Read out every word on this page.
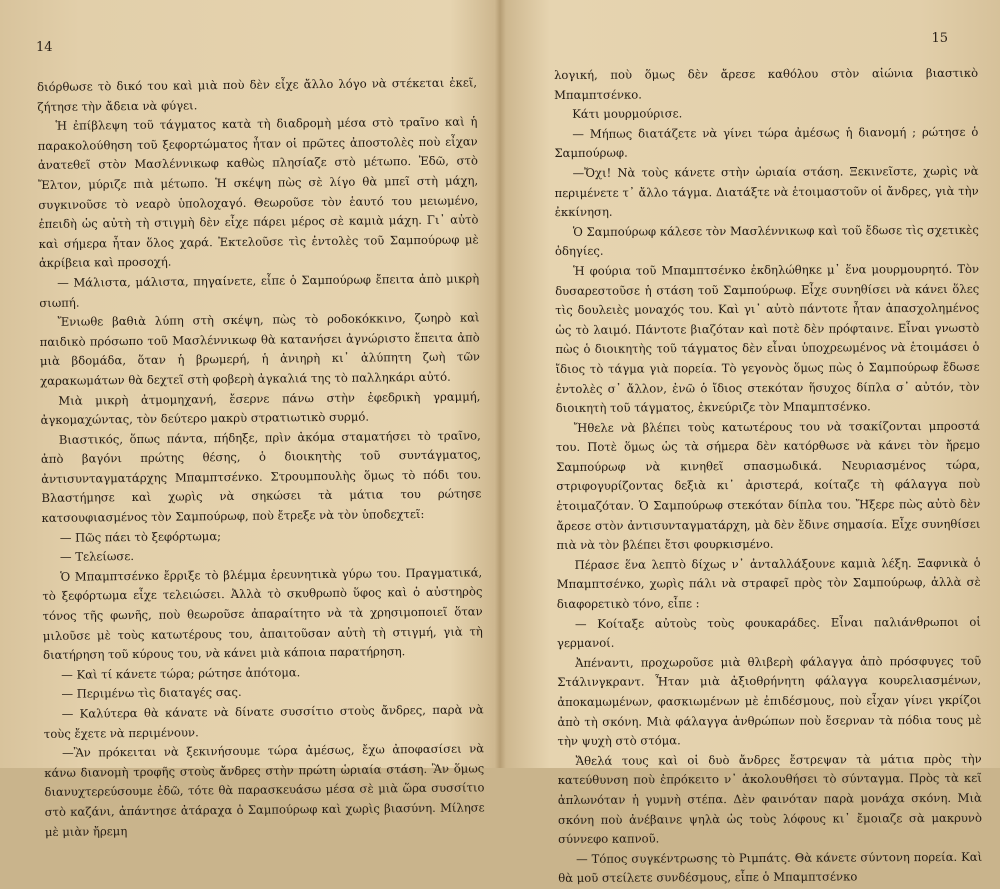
14

διόρθωσε τὸ δικό του καὶ μιὰ ποὺ δὲν εἶχε ἄλλο λόγο νὰ στέκεται ἐκεῖ, ζήτησε τὴν ἄδεια νὰ φύγει.

Ἡ ἐπίβλεψη τοῦ τάγματος κατὰ τὴ διαδρομὴ μέσα στὸ τραῖνο καὶ ἡ παρακολούθηση τοῦ ξεφορτώματος ἦταν οἱ πρῶτες ἀποστολὲς ποὺ εἶχαν ἀνατεθεῖ στὸν Μασλέννικωφ καθὼς πλησίαζε στὸ μέτωπο. Ἐδῶ, στὸ Ἔλτον, μύριζε πιὰ μέτωπο. Ἡ σκέψη πὼς σὲ λίγο θὰ μπεῖ στὴ μάχη, συγκινοῦσε τὸ νεαρὸ ὑπολοχαγό. Θεωροῦσε τὸν ἑαυτό του μειωμένο, ἐπειδὴ ὡς αὐτὴ τὴ στιγμὴ δὲν εἶχε πάρει μέρος σὲ καμιὰ μάχη. Γι᾿ αὐτὸ καὶ σήμερα ἦταν ὅλος χαρά. Ἐκτελοῦσε τὶς ἐντολὲς τοῦ Σαμπούρωφ μὲ ἀκρίβεια καὶ προσοχή.

— Μάλιστα, μάλιστα, πηγαίνετε, εἶπε ὁ Σαμπούρωφ ἔπειτα ἀπὸ μικρὴ σιωπή.

Ἔνιωθε βαθιὰ λύπη στὴ σκέψη, πὼς τὸ ροδοκόκκινο, ζωηρὸ καὶ παιδικὸ πρόσωπο τοῦ Μασλέννικωφ θὰ κατανήσει ἀγνώριστο ἔπειτα ἀπὸ μιὰ βδομάδα, ὅταν ἡ βρωμερή, ἡ ἀνιηρὴ κι᾿ ἀλύπητη ζωὴ τῶν χαρακωμάτων θὰ δεχτεῖ στὴ φοβερὴ ἀγκαλιά της τὸ παλληκάρι αὐτό.

Μιὰ μικρὴ ἀτμομηχανή, ἔσερνε πάνω στὴν ἐφεδρικὴ γραμμή, ἀγκομαχώντας, τὸν δεύτερο μακρὺ στρατιωτικὸ συρμό.

Βιαστικός, ὅπως πάντα, πήδηξε, πρὶν ἀκόμα σταματήσει τὸ τραῖνο, ἀπὸ βαγόνι πρώτης θέσης, ὁ διοικητὴς τοῦ συντάγματος, ἀντισυνταγματάρχης Μπαμπτσένκο. Στρουμπουλὴς ὅμως τὸ πόδι του. Βλαστήμησε καὶ χωρὶς νὰ σηκώσει τὰ μάτια του ρώτησε κατσουφιασμένος τὸν Σαμπούρωφ, ποὺ ἔτρεξε νὰ τὸν ὑποδεχτεῖ:

— Πῶς πάει τὸ ξεφόρτωμα;

— Τελείωσε.

Ὁ Μπαμπτσένκο ἔρριξε τὸ βλέμμα ἐρευνητικὰ γύρω του. Πραγματικά, τὸ ξεφόρτωμα εἶχε τελειώσει. Ἀλλὰ τὸ σκυθρωπὸ ὕφος καὶ ὁ αὐστηρὸς τόνος τῆς φωνῆς, ποὺ θεωροῦσε ἀπαραίτητο νὰ τὰ χρησιμοποιεῖ ὅταν μιλοῦσε μὲ τοὺς κατωτέρους του, ἀπαιτοῦσαν αὐτὴ τὴ στιγμή, γιὰ τὴ διατήρηση τοῦ κύρους του, νὰ κάνει μιὰ κάποια παρατήρηση.

— Καὶ τί κάνετε τώρα; ρώτησε ἀπότομα.

— Περιμένω τὶς διαταγές σας.

— Καλύτερα θὰ κάνατε νὰ δίνατε συσσίτιο στοὺς ἄνδρες, παρὰ νὰ τοὺς ἔχετε νὰ περιμένουν.

—Ἂν πρόκειται νὰ ξεκινήσουμε τώρα ἀμέσως, ἔχω ἀποφασίσει νὰ κάνω διανομὴ τροφῆς στοὺς ἄνδρες στὴν πρώτη ὡριαία στάση. Ἂν ὅμως διανυχτερεύσουμε ἐδῶ, τότε θὰ παρασκευάσω μέσα σὲ μιὰ ὥρα συσσίτιο στὸ καζάνι, ἀπάντησε ἀτάραχα ὁ Σαμπούρωφ καὶ χωρὶς βιασύνη. Μίλησε μὲ μιὰν ἤρεμη

15

λογική, ποὺ ὅμως δὲν ἄρεσε καθόλου στὸν αἰώνια βιαστικὸ Μπαμπτσένκο.

Κάτι μουρμούρισε.

— Μήπως διατάζετε νὰ γίνει τώρα ἀμέσως ἡ διανομή ; ρώτησε ὁ Σαμπούρωφ.

—Ὄχι! Νὰ τοὺς κάνετε στὴν ὡριαία στάση. Ξεκινεῖστε, χωρὶς νὰ περιμένετε τ᾿ ἄλλο τάγμα. Διατάξτε νὰ ἑτοιμαστοῦν οἱ ἄνδρες, γιὰ τὴν ἐκκίνηση.

Ὁ Σαμπούρωφ κάλεσε τὸν Μασλέννικωφ καὶ τοῦ ἔδωσε τὶς σχετικὲς ὁδηγίες.

Ἡ φούρια τοῦ Μπαμπτσένκο ἐκδηλώθηκε μ᾿ ἕνα μουρμουρητό. Τὸν δυσαρεστοῦσε ἡ στάση τοῦ Σαμπούρωφ. Εἶχε συνηθίσει νὰ κάνει ὅλες τὶς δουλειὲς μοναχός του. Καὶ γι᾿ αὐτὸ πάντοτε ἦταν ἀπασχολημένος ὡς τὸ λαιμό. Πάντοτε βιαζόταν καὶ ποτὲ δὲν πρόφταινε. Εἶναι γνωστὸ πὼς ὁ διοικητὴς τοῦ τάγματος δὲν εἶναι ὑποχρεωμένος νὰ ἑτοιμάσει ὁ ἴδιος τὸ τάγμα γιὰ πορεία. Τὸ γεγονὸς ὅμως πὼς ὁ Σαμπούρωφ ἔδωσε ἐντολὲς σ᾿ ἄλλον, ἐνῶ ὁ ἴδιος στεκόταν ἥσυχος δίπλα σ᾿ αὐτόν, τὸν διοικητὴ τοῦ τάγματος, ἐκνεύριζε τὸν Μπαμπτσένκο.

Ἤθελε νὰ βλέπει τοὺς κατωτέρους του νὰ τσακίζονται μπροστά του. Ποτὲ ὅμως ὡς τὰ σήμερα δὲν κατόρθωσε νὰ κάνει τὸν ἤρεμο Σαμπούρωφ νὰ κινηθεῖ σπασμωδικά. Νευριασμένος τώρα, στριφογυρίζοντας δεξιὰ κι᾿ ἀριστερά, κοίταζε τὴ φάλαγγα ποὺ ἑτοιμαζόταν. Ὁ Σαμπούρωφ στεκόταν δίπλα του. Ἤξερε πὼς αὐτὸ δὲν ἄρεσε στὸν ἀντισυνταγματάρχη, μὰ δὲν ἔδινε σημασία. Εἶχε συνηθίσει πιὰ νὰ τὸν βλέπει ἔτσι φουρκισμένο.

Πέρασε ἕνα λεπτὸ δίχως ν᾿ ἀνταλλάξουνε καμιὰ λέξη. Ξαφνικὰ ὁ Μπαμπτσένκο, χωρὶς πάλι νὰ στραφεῖ πρὸς τὸν Σαμπούρωφ, ἀλλὰ σὲ διαφορετικὸ τόνο, εἶπε :

— Κοίταξε αὐτοὺς τοὺς φουκαράδες. Εἶναι παλιάνθρωποι οἱ γερμανοί.

Ἀπέναντι, προχωροῦσε μιὰ θλιβερὴ φάλαγγα ἀπὸ πρόσφυγες τοῦ Στάλινγκραντ. Ἦταν μιὰ ἀξιοθρήνητη φάλαγγα κουρελιασμένων, ἀποκαμωμένων, φασκιωμένων μὲ ἐπιδέσμους, ποὺ εἶχαν γίνει γκρίζοι ἀπὸ τὴ σκόνη. Μιὰ φάλαγγα ἀνθρώπων ποὺ ἔσερναν τὰ πόδια τους μὲ τὴν ψυχὴ στὸ στόμα.

Ἄθελά τους καὶ οἱ δυὸ ἄνδρες ἔστρεψαν τὰ μάτια πρὸς τὴν κατεύθυνση ποὺ ἐπρόκειτο ν᾿ ἀκολουθήσει τὸ σύνταγμα. Πρὸς τὰ κεῖ ἁπλωνόταν ἡ γυμνὴ στέπα. Δὲν φαινόταν παρὰ μονάχα σκόνη. Μιὰ σκόνη ποὺ ἀνέβαινε ψηλὰ ὡς τοὺς λόφους κι᾿ ἔμοιαζε σὰ μακρυνὸ σύννεφο καπνοῦ.

— Τόπος συγκέντρωσης τὸ Ριμπάτς. Θὰ κάνετε σύντονη πορεία. Καὶ θὰ μοῦ στείλετε συνδέσμους, εἶπε ὁ Μπαμπτσένκο
